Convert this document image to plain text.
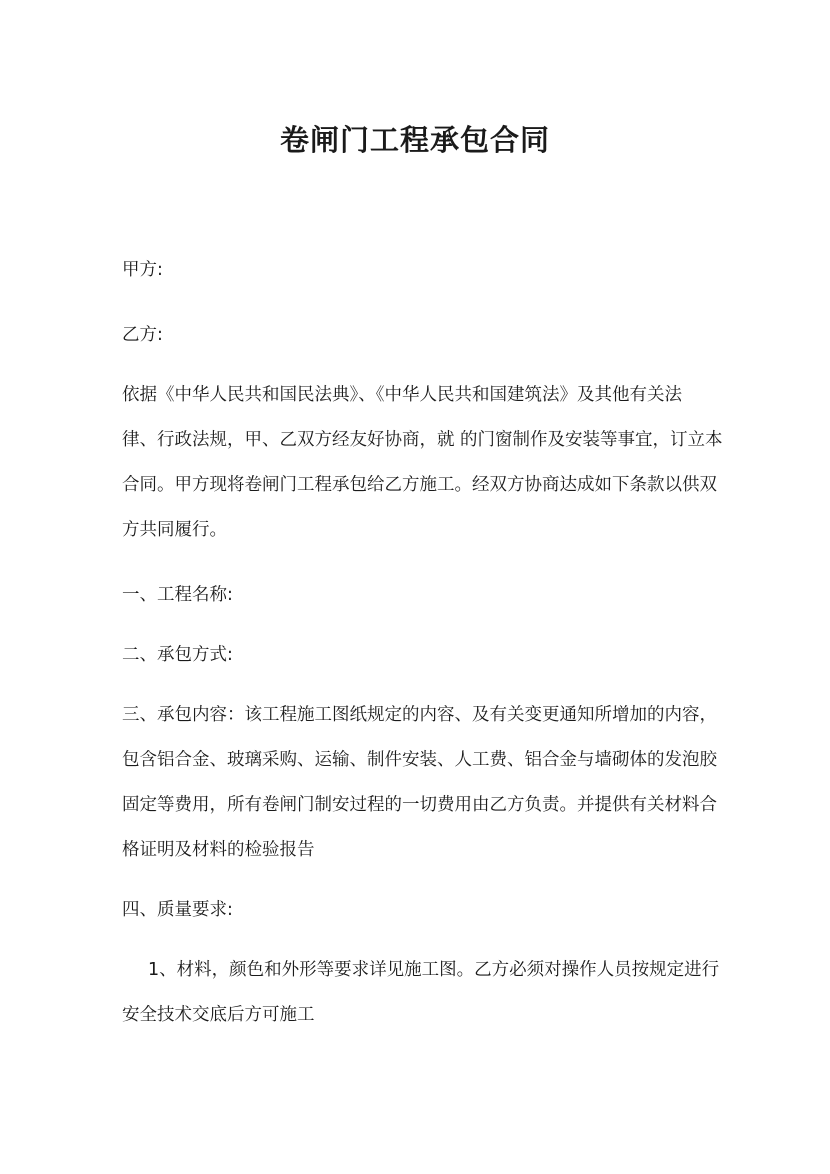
卷闸门工程承包合同
甲方:
乙方:
依据《中华人民共和国民法典》、《中华人民共和国建筑法》及其他有关法
律、行政法规，甲、乙双方经友好协商，就 的门窗制作及安装等事宜，订立本
合同。甲方现将卷闸门工程承包给乙方施工。经双方协商达成如下条款以供双
方共同履行。
一、工程名称:
二、承包方式:
三、承包内容：该工程施工图纸规定的内容、及有关变更通知所增加的内容，
包含铝合金、玻璃采购、运输、制件安装、人工费、铝合金与墙砌体的发泡胶
固定等费用，所有卷闸门制安过程的一切费用由乙方负责。并提供有关材料合
格证明及材料的检验报告
四、质量要求:
1、材料，颜色和外形等要求详见施工图。乙方必须对操作人员按规定进行
安全技术交底后方可施工
